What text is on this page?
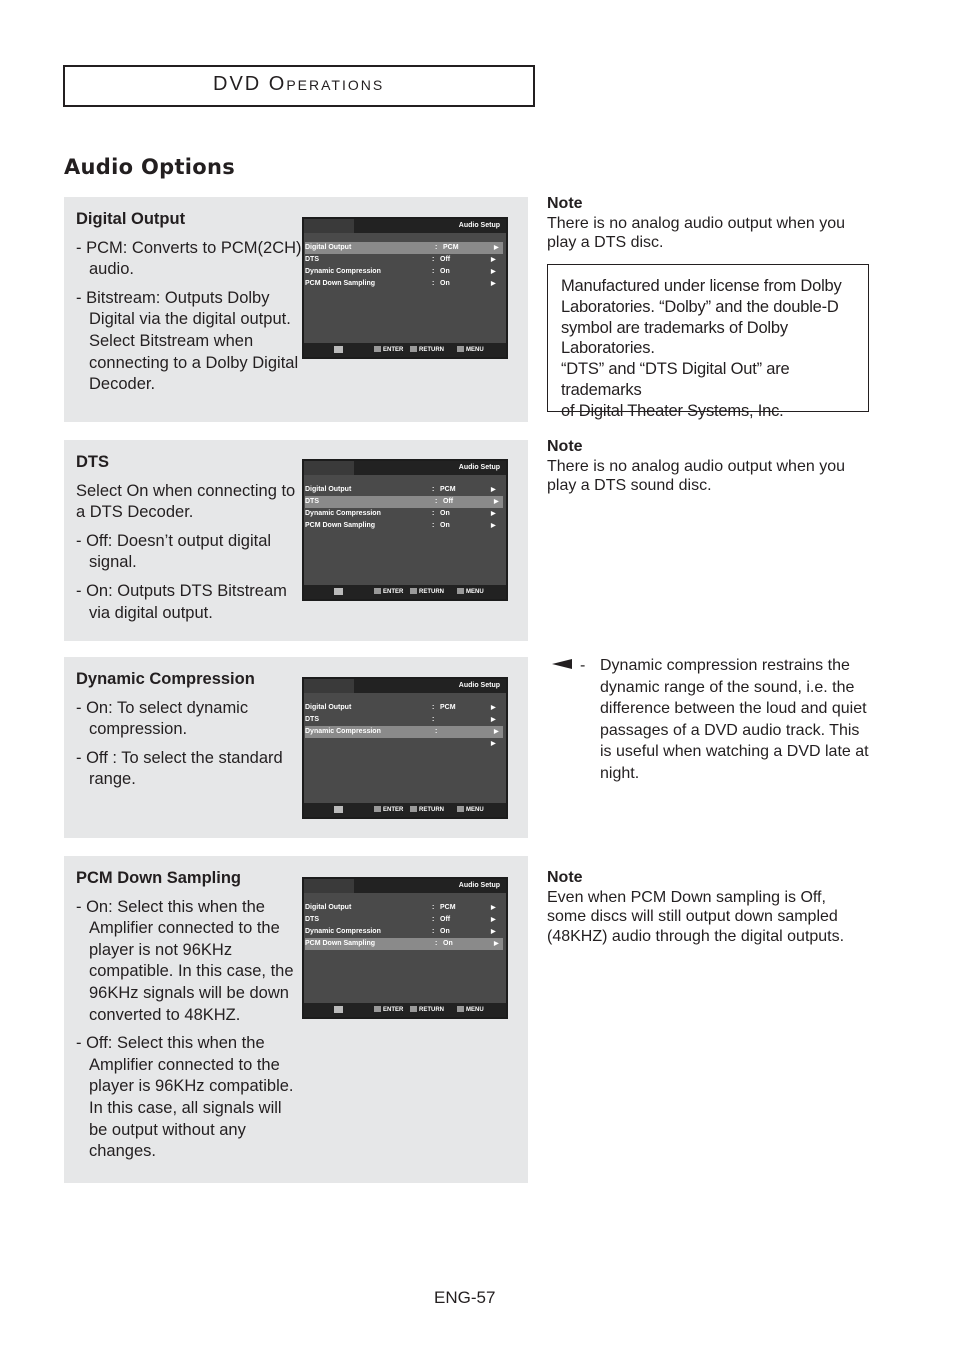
DVD Operations
Audio Options
Digital Output
- PCM: Converts to PCM(2CH) audio.
- Bitstream: Outputs Dolby Digital via the digital output. Select Bitstream when connecting to a Dolby Digital Decoder.
Audio Setup
Digital Output	: PCM	▶
DTS	: Off	▶
Dynamic Compression	: On	▶
PCM Down Sampling	: On	▶
ENTER	RETURN	MENU
DTS
Select On when connecting to a DTS Decoder.
- Off: Doesn’t output digital signal.
- On: Outputs DTS Bitstream via digital output.
Audio Setup
Digital Output	: PCM	▶
DTS	: Off	▶
Dynamic Compression	: On	▶
PCM Down Sampling	: On	▶
ENTER	RETURN	MENU
Dynamic Compression
- On: To select dynamic compression.
- Off : To select the standard range.
Audio Setup
Digital Output	: PCM	▶
DTS	:	▶
Dynamic Compression	:	▶
▶
ENTER	RETURN	MENU
PCM Down Sampling
- On: Select this when the Amplifier connected to the player is not 96KHz compatible. In this case, the 96KHz signals will be down converted to 48KHZ.
- Off: Select this when the Amplifier connected to the player is 96KHz compatible. In this case, all signals will be output without any changes.
Audio Setup
Digital Output	: PCM	▶
DTS	: Off	▶
Dynamic Compression	: On	▶
PCM Down Sampling	: On	▶
ENTER	RETURN	MENU
Note
There is no analog audio output when you play a DTS disc.
Manufactured under license from Dolby
Laboratories. “Dolby” and the double-D
symbol are trademarks of Dolby
Laboratories.
“DTS” and “DTS Digital Out” are trademarks
of Digital Theater Systems, Inc.
Note
There is no analog audio output when you play a DTS sound disc.
- Dynamic compression restrains the dynamic range of the sound, i.e. the difference between the loud and quiet passages of a DVD audio track. This is useful when watching a DVD late at night.
Note
Even when PCM Down sampling is Off, some discs will still output down sampled (48KHZ) audio through the digital outputs.
ENG-57
